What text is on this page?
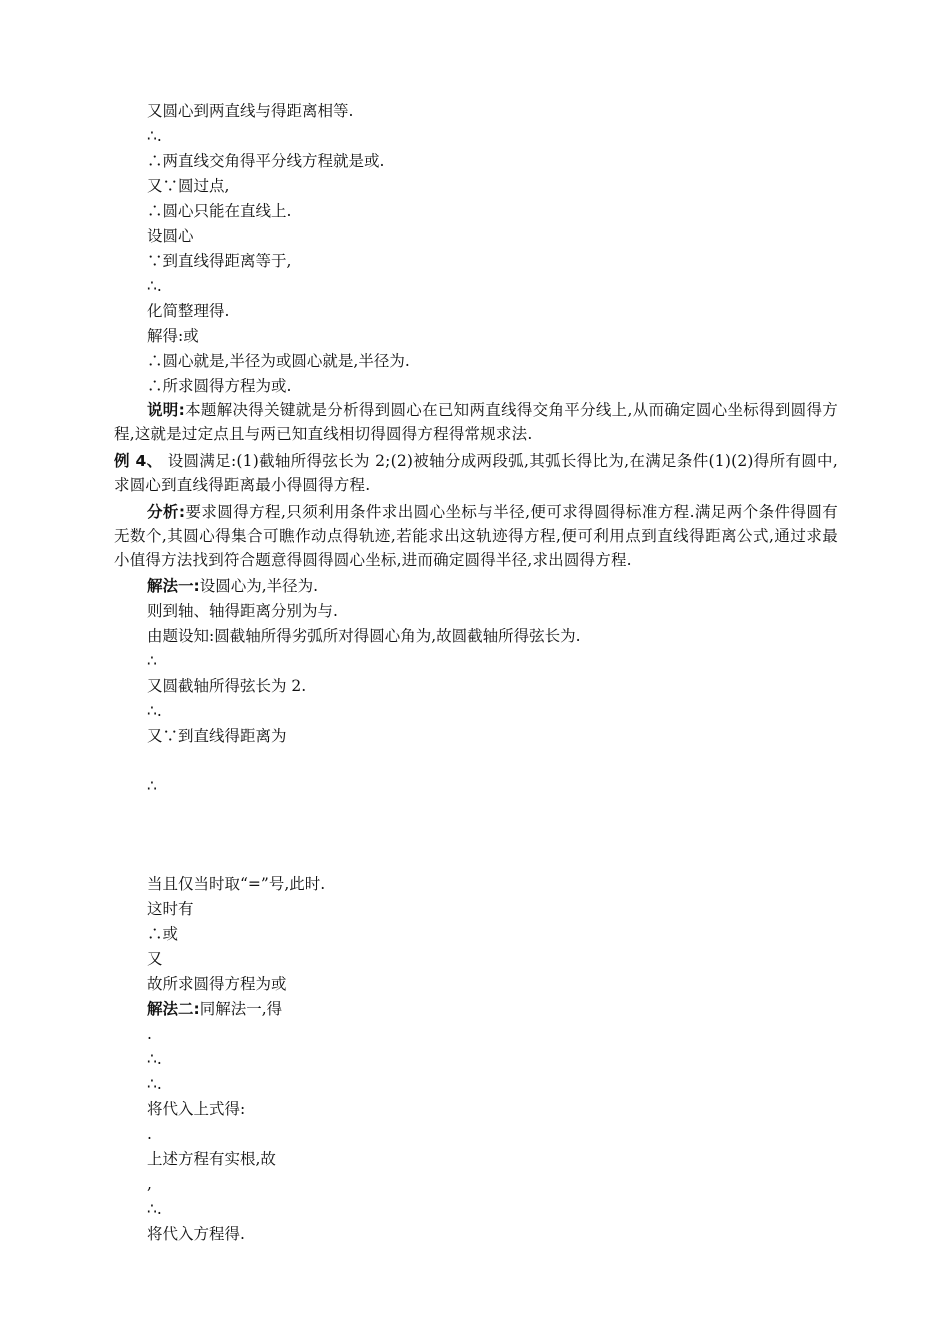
又圆心到两直线与得距离相等.
∴.
∴两直线交角得平分线方程就是或.
又∵圆过点,
∴圆心只能在直线上.
设圆心
∵到直线得距离等于,
∴.
化简整理得.
解得:或
∴圆心就是,半径为或圆心就是,半径为.
∴所求圆得方程为或.
说明:本题解决得关键就是分析得到圆心在已知两直线得交角平分线上,从而确定圆心坐标得到圆得方程,这就是过定点且与两已知直线相切得圆得方程得常规求法.
例 4、 设圆满足:(1)截轴所得弦长为 2;(2)被轴分成两段弧,其弧长得比为,在满足条件(1)(2)得所有圆中,求圆心到直线得距离最小得圆得方程.
分析:要求圆得方程,只须利用条件求出圆心坐标与半径,便可求得圆得标准方程.满足两个条件得圆有无数个,其圆心得集合可瞧作动点得轨迹,若能求出这轨迹得方程,便可利用点到直线得距离公式,通过求最小值得方法找到符合题意得圆得圆心坐标,进而确定圆得半径,求出圆得方程.
解法一:设圆心为,半径为.
则到轴、轴得距离分别为与.
由题设知:圆截轴所得劣弧所对得圆心角为,故圆截轴所得弦长为.
∴
又圆截轴所得弦长为 2.
∴.
又∵到直线得距离为
∴
当且仅当时取“=”号,此时.
这时有
∴或
又
故所求圆得方程为或
解法二:同解法一,得
.
∴.
∴.
将代入上式得:
.
上述方程有实根,故
,
∴.
将代入方程得.
